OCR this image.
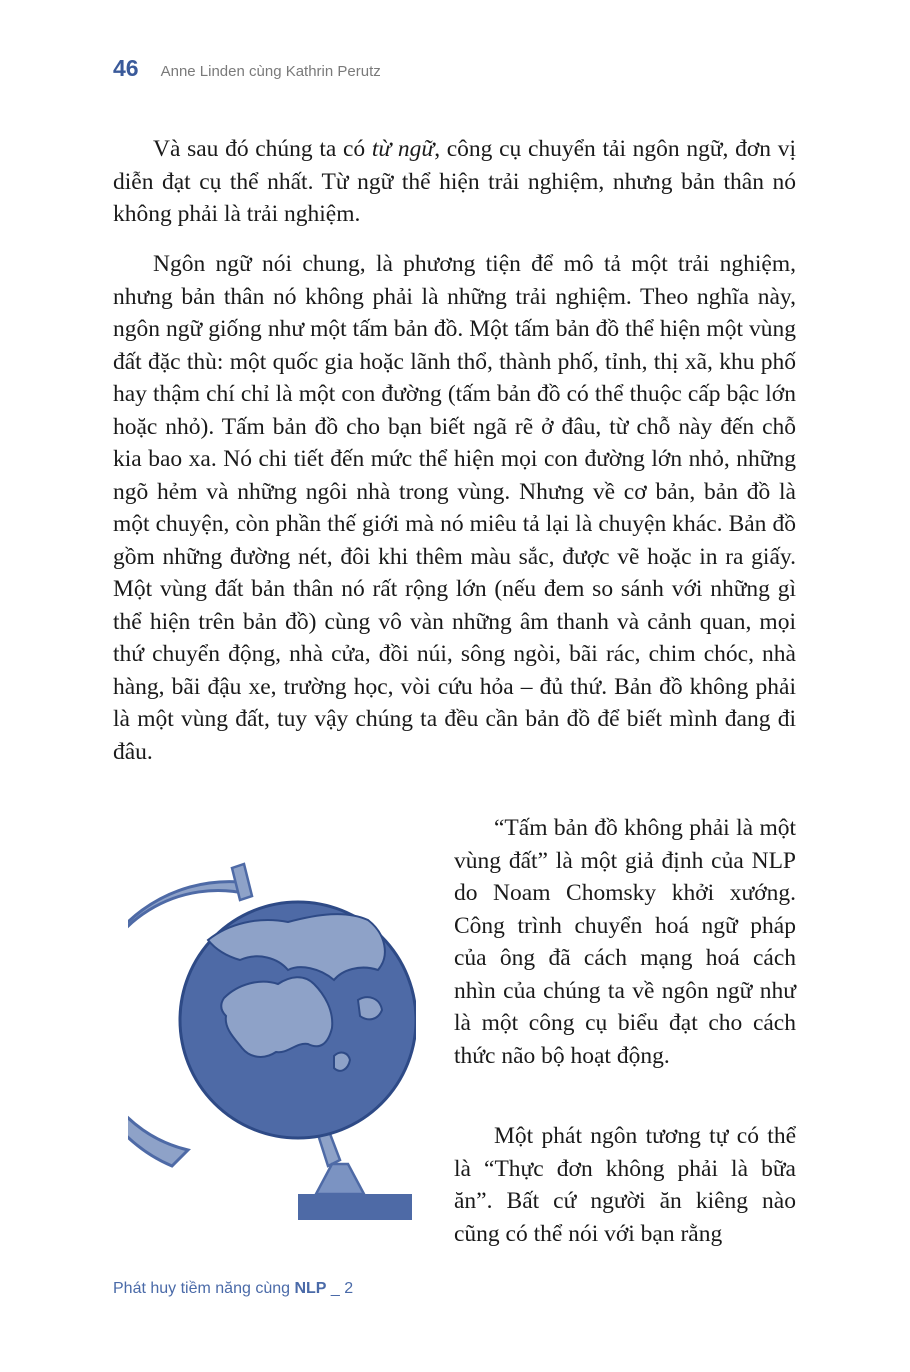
46 Anne Linden cùng Kathrin Perutz

Và sau đó chúng ta có từ ngữ, công cụ chuyển tải ngôn ngữ, đơn vị diễn đạt cụ thể nhất. Từ ngữ thể hiện trải nghiệm, nhưng bản thân nó không phải là trải nghiệm.

Ngôn ngữ nói chung, là phương tiện để mô tả một trải nghiệm, nhưng bản thân nó không phải là những trải nghiệm. Theo nghĩa này, ngôn ngữ giống như một tấm bản đồ. Một tấm bản đồ thể hiện một vùng đất đặc thù: một quốc gia hoặc lãnh thổ, thành phố, tỉnh, thị xã, khu phố hay thậm chí chỉ là một con đường (tấm bản đồ có thể thuộc cấp bậc lớn hoặc nhỏ). Tấm bản đồ cho bạn biết ngã rẽ ở đâu, từ chỗ này đến chỗ kia bao xa. Nó chi tiết đến mức thể hiện mọi con đường lớn nhỏ, những ngõ hẻm và những ngôi nhà trong vùng. Nhưng về cơ bản, bản đồ là một chuyện, còn phần thế giới mà nó miêu tả lại là chuyện khác. Bản đồ gồm những đường nét, đôi khi thêm màu sắc, được vẽ hoặc in ra giấy. Một vùng đất bản thân nó rất rộng lớn (nếu đem so sánh với những gì thể hiện trên bản đồ) cùng vô vàn những âm thanh và cảnh quan, mọi thứ chuyển động, nhà cửa, đồi núi, sông ngòi, bãi rác, chim chóc, nhà hàng, bãi đậu xe, trường học, vòi cứu hỏa – đủ thứ. Bản đồ không phải là một vùng đất, tuy vậy chúng ta đều cần bản đồ để biết mình đang đi đâu.

“Tấm bản đồ không phải là một vùng đất” là một giả định của NLP do Noam Chomsky khởi xướng. Công trình chuyển hoá ngữ pháp của ông đã cách mạng hoá cách nhìn của chúng ta về ngôn ngữ như là một công cụ biểu đạt cho cách thức não bộ hoạt động.

Một phát ngôn tương tự có thể là “Thực đơn không phải là bữa ăn”. Bất cứ người ăn kiêng nào cũng có thể nói với bạn rằng

Phát huy tiềm năng cùng NLP _ 2
